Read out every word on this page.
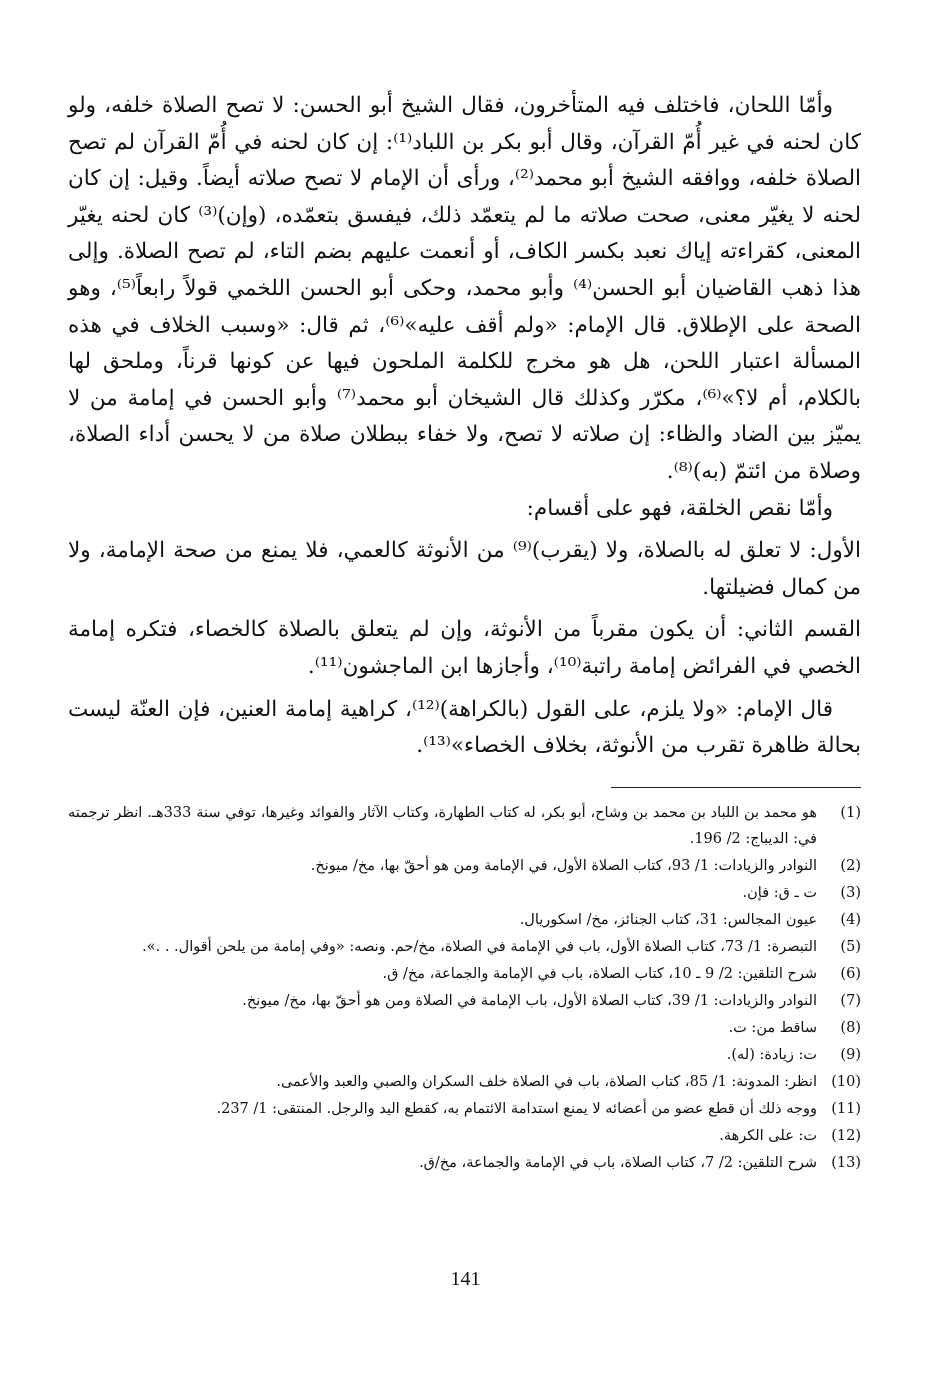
وأمّا اللحان، فاختلف فيه المتأخرون، فقال الشيخ أبو الحسن: لا تصح الصلاة خلفه، ولو كان لحنه في غير أُمّ القرآن، وقال أبو بكر بن اللباد⁽¹⁾: إن كان لحنه في أُمّ القرآن لم تصح الصلاة خلفه، ووافقه الشيخ أبو محمد⁽²⁾، ورأى أن الإمام لا تصح صلاته أيضاً. وقيل: إن كان لحنه لا يغيّر معنى، صحت صلاته ما لم يتعمّد ذلك، فيفسق بتعمّده، (وإن)⁽³⁾ كان لحنه يغيّر المعنى، كقراءته إياك نعبد بكسر الكاف، أو أنعمت عليهم بضم التاء، لم تصح الصلاة. وإلى هذا ذهب القاضيان أبو الحسن⁽⁴⁾ وأبو محمد، وحكى أبو الحسن اللخمي قولاً رابعاً⁽⁵⁾، وهو الصحة على الإطلاق. قال الإمام: «ولم أقف عليه»⁽⁶⁾، ثم قال: «وسبب الخلاف في هذه المسألة اعتبار اللحن، هل هو مخرج للكلمة الملحون فيها عن كونها قرناً، وملحق لها بالكلام، أم لا؟»⁽⁶⁾، مكرّر وكذلك قال الشيخان أبو محمد⁽⁷⁾ وأبو الحسن في إمامة من لا يميّز بين الضاد والظاء: إن صلاته لا تصح، ولا خفاء ببطلان صلاة من لا يحسن أداء الصلاة، وصلاة من ائتمّ (به)⁽⁸⁾.

وأمّا نقص الخلقة، فهو على أقسام:

الأول: لا تعلق له بالصلاة، ولا (يقرب)⁽⁹⁾ من الأنوثة كالعمي، فلا يمنع من صحة الإمامة، ولا من كمال فضيلتها.

القسم الثاني: أن يكون مقرباً من الأنوثة، وإن لم يتعلق بالصلاة كالخصاء، فتكره إمامة الخصي في الفرائض إمامة راتبة⁽¹⁰⁾، وأجازها ابن الماجشون⁽¹¹⁾.

قال الإمام: «ولا يلزم، على القول (بالكراهة)⁽¹²⁾، كراهية إمامة العنين، فإن العنّة ليست بحالة ظاهرة تقرب من الأنوثة، بخلاف الخصاء»⁽¹³⁾.

(1)
هو محمد بن اللباد بن محمد بن وشاح، أبو بكر، له كتاب الطهارة، وكتاب الآثار والفوائد وغيرها، توفي سنة 333هـ. انظر ترجمته في: الديباج: 2/ 196.
(2)
النوادر والزيادات: 1/ 93، كتاب الصلاة الأول، في الإمامة ومن هو أحقّ بها، مخ/ ميونخ.
(3)
ت ـ ق: فإن.
(4)
عيون المجالس: 31، كتاب الجنائز، مخ/ اسكوريال.
(5)
التبصرة: 1/ 73، كتاب الصلاة الأول، باب في الإمامة في الصلاة، مخ/حم. ونصه: «وفي إمامة من يلحن أقوال. . .».
(6)
شرح التلقين: 2/ 9 ـ 10، كتاب الصلاة، باب في الإمامة والجماعة، مخ/ ق.
(7)
النوادر والزيادات: 1/ 39، كتاب الصلاة الأول، باب الإمامة في الصلاة ومن هو أحقّ بها، مخ/ ميونخ.
(8)
ساقط من: ت.
(9)
ت: زيادة: (له).
(10)
انظر: المدونة: 1/ 85، كتاب الصلاة، باب في الصلاة خلف السكران والصبي والعبد والأعمى.
(11)
ووجه ذلك أن قطع عضو من أعضائه لا يمنع استدامة الائتمام به، كقطع اليد والرجل. المنتقى: 1/ 237.
(12)
ت: على الكرهة.
(13)
شرح التلقين: 2/ 7، كتاب الصلاة، باب في الإمامة والجماعة، مخ/ق.
141
